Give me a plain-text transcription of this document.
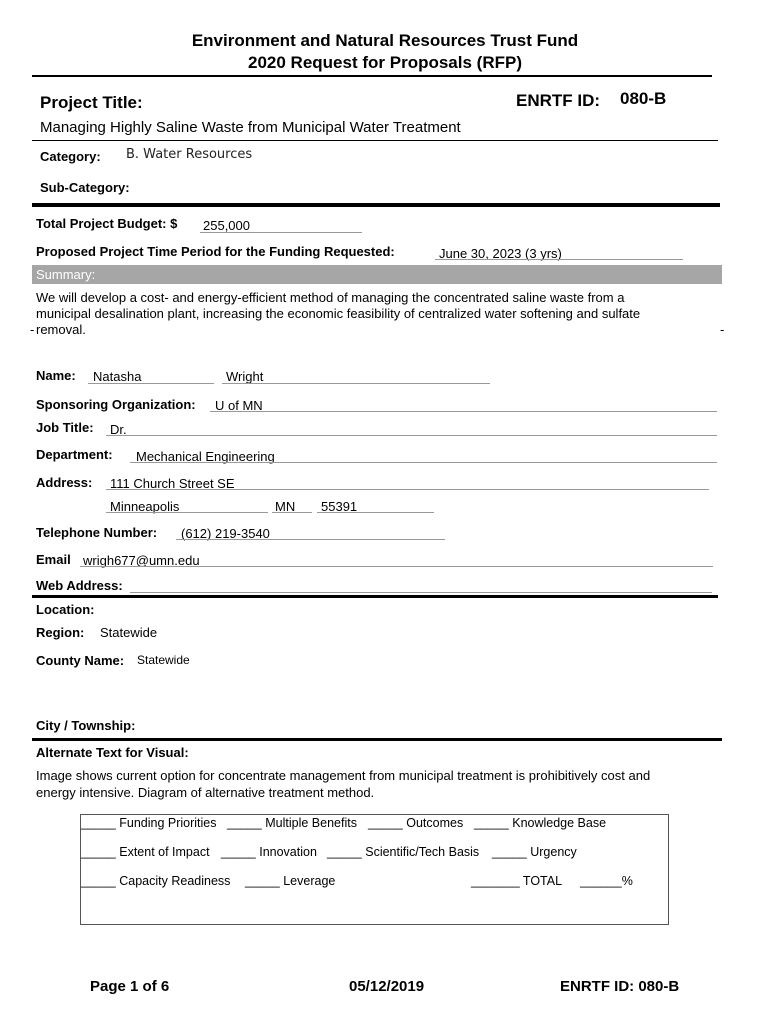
Environment and Natural Resources Trust Fund
2020 Request for Proposals (RFP)
Project Title:	ENRTF ID: 080-B
Managing Highly Saline Waste from Municipal Water Treatment
Category: B. Water Resources
Sub-Category:
Total Project Budget: $ 255,000
Proposed Project Time Period for the Funding Requested:	June 30, 2023 (3 yrs)
Summary:
We will develop a cost- and energy-efficient method of managing the concentrated saline waste from a
municipal desalination plant, increasing the economic feasibility of centralized water softening and sulfate
- removal.	-
Name: Natasha	Wright
Sponsoring Organization: U of MN
Job Title: Dr.
Department: Mechanical Engineering
Address: 111 Church Street SE
Minneapolis	MN 55391
Telephone Number: (612) 219-3540
Email wrigh677@umn.edu
Web Address:
Location:
Region: Statewide
County Name: Statewide
City / Township:
Alternate Text for Visual:
Image shows current option for concentrate management from municipal treatment is prohibitively cost and
energy intensive. Diagram of alternative treatment method.
_____ Funding Priorities _____ Multiple Benefits _____ Outcomes _____ Knowledge Base
_____ Extent of Impact _____ Innovation _____ Scientific/Tech Basis _____ Urgency
_____ Capacity Readiness _____ Leverage	_______ TOTAL ______%
Page 1 of 6	05/12/2019	ENRTF ID: 080-B
